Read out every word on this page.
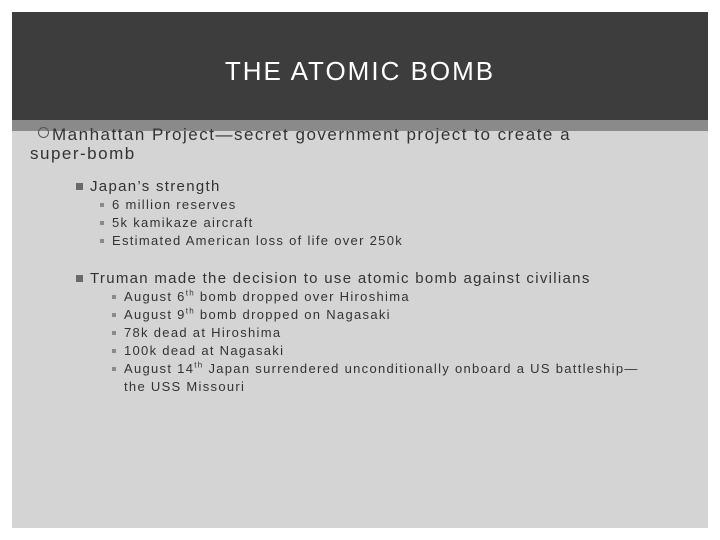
THE ATOMIC BOMB
Manhattan Project—secret government project to create a
super-bomb
Japan’s strength
6 million reserves
5k kamikaze aircraft
Estimated American loss of life over 250k
Truman made the decision to use atomic bomb against civilians
August 6th bomb dropped over Hiroshima
August 9th bomb dropped on Nagasaki
78k dead at Hiroshima
100k dead at Nagasaki
August 14th Japan surrendered unconditionally onboard a US battleship—
the USS Missouri
